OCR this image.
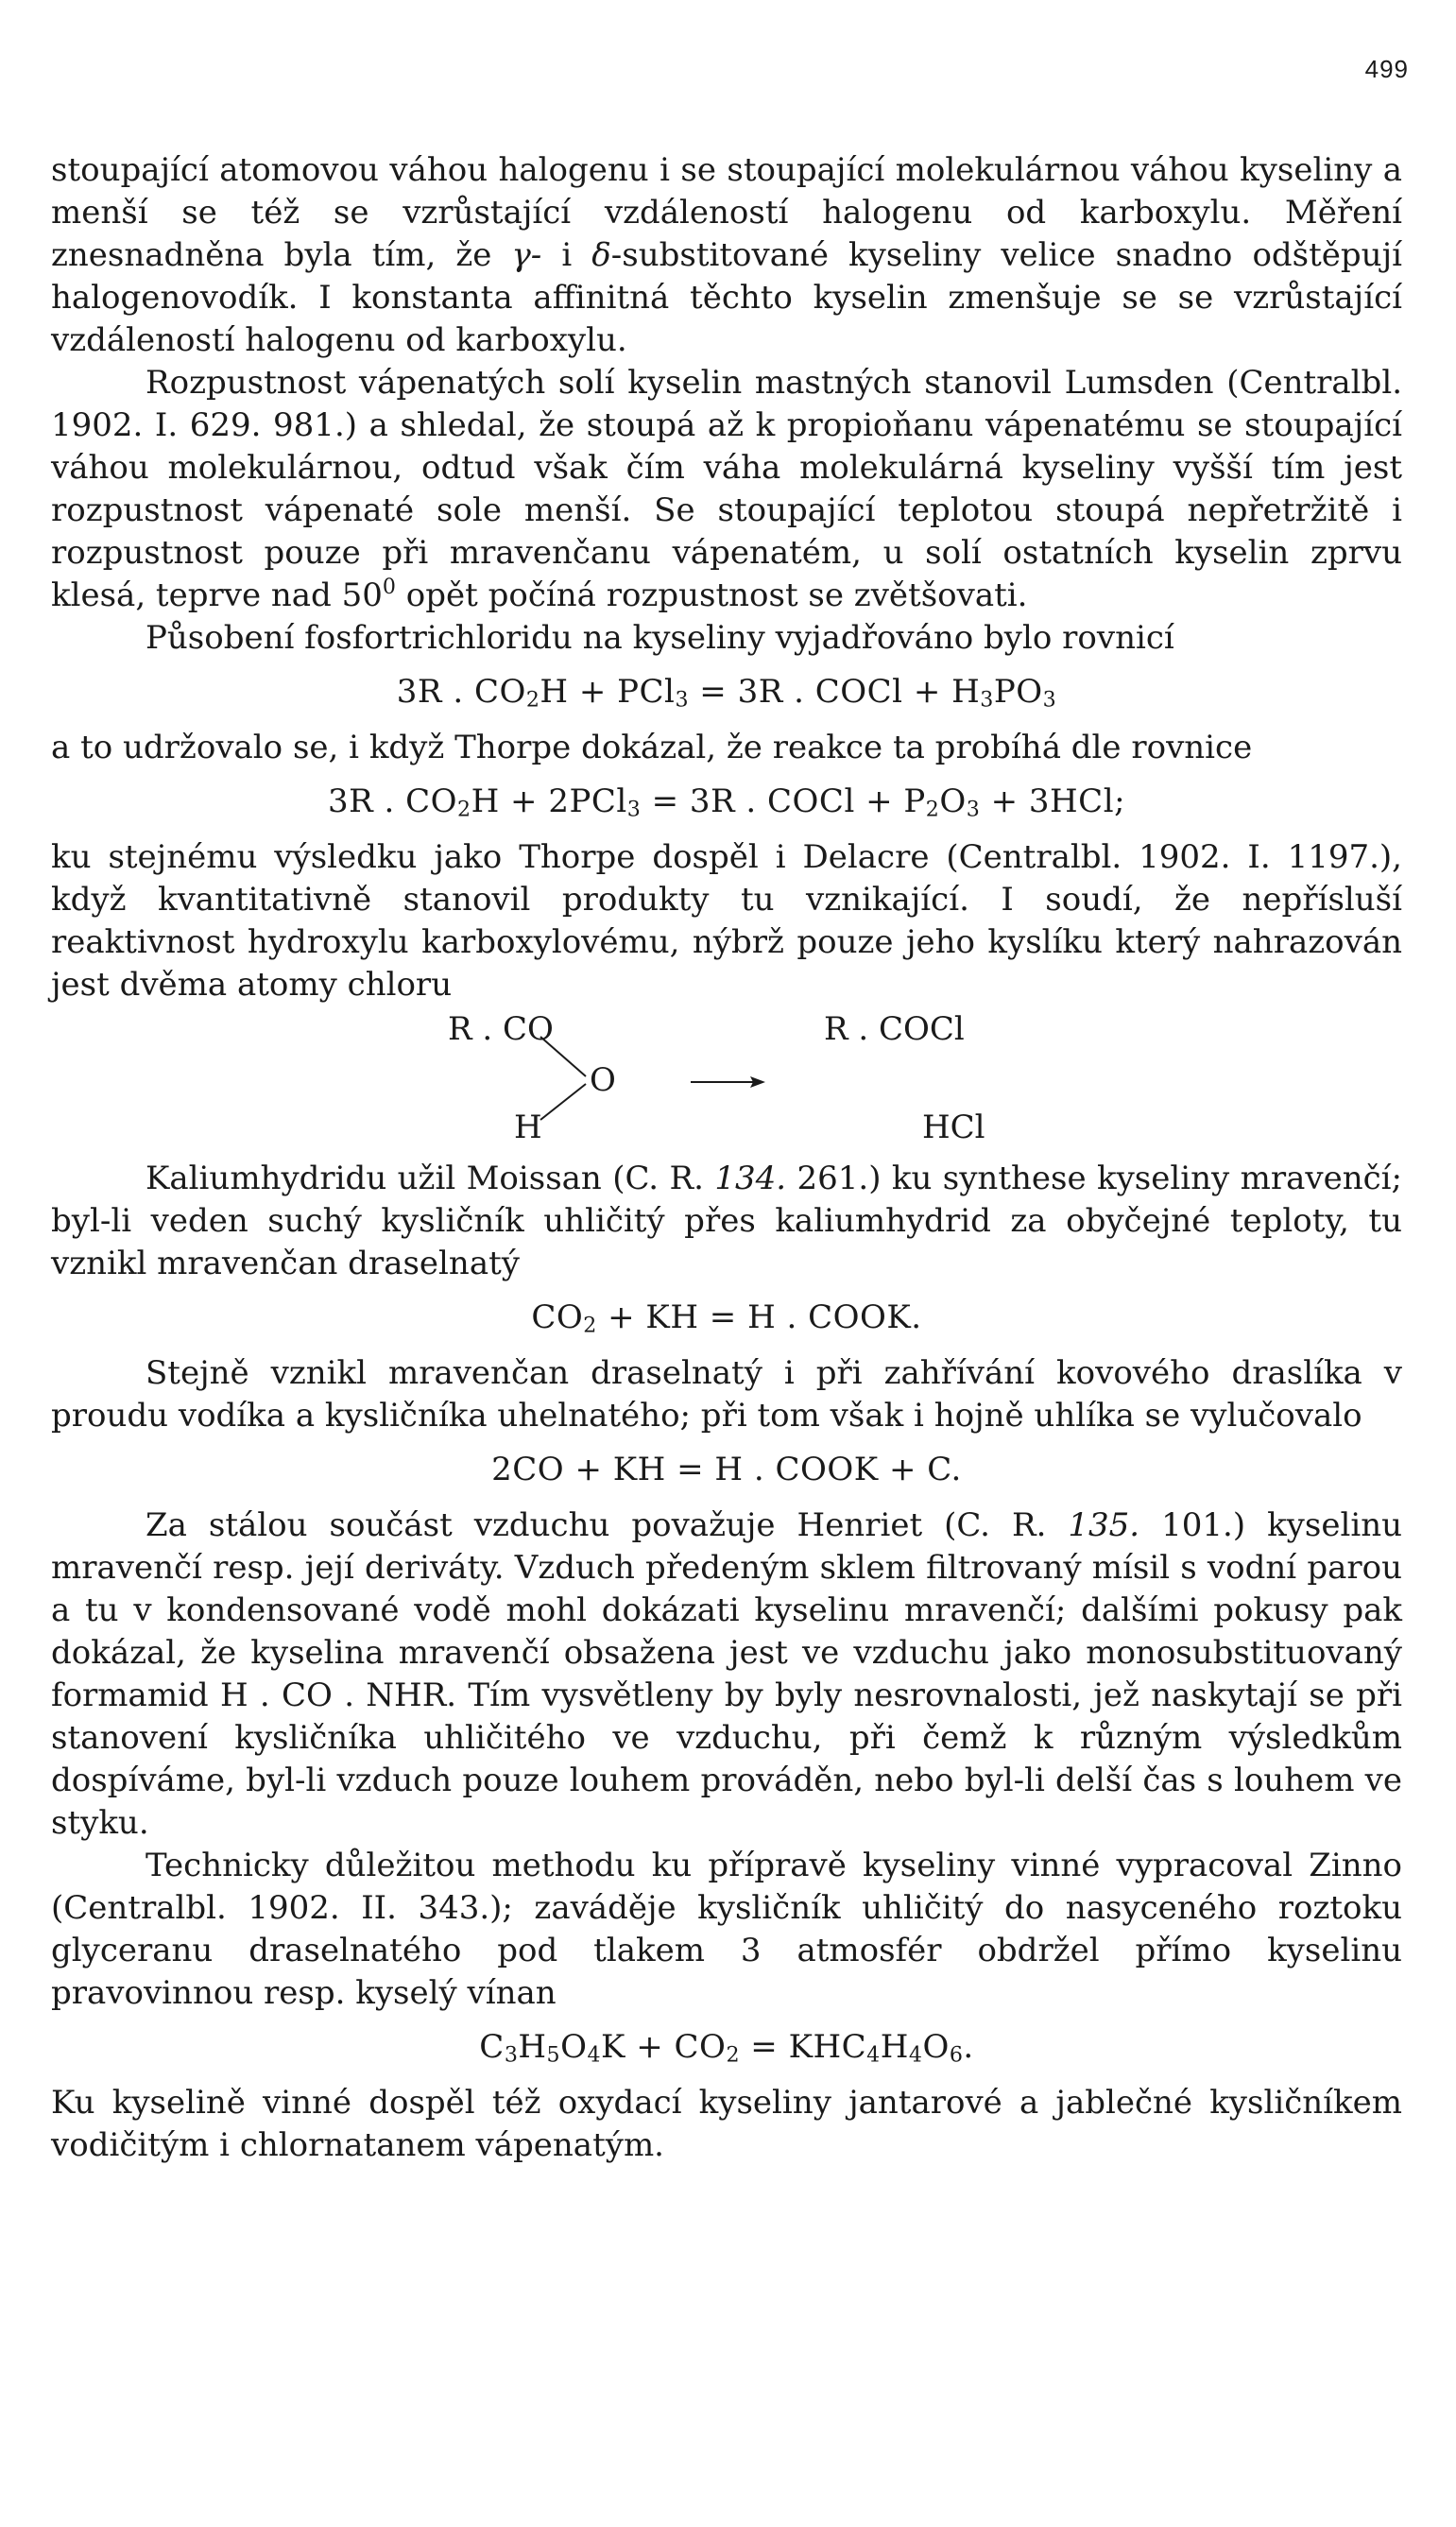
499

stoupající atomovou váhou halogenu i se stoupající molekulárnou váhou kyseliny a menší se též se vzrůstající vzdáleností halogenu od karboxylu. Měření znesnadněna byla tím, že γ- i δ-substitované kyseliny velice snadno odštěpují halogenovodík. I konstanta affinitná těchto kyselin zmenšuje se se vzrůstající vzdáleností halogenu od karboxylu.

Rozpustnost vápenatých solí kyselin mastných stanovil Lumsden (Centralbl. 1902. I. 629. 981.) a shledal, že stoupá až k propioňanu vápenatému se stoupající váhou molekulárnou, odtud však čím váha molekulárná kyseliny vyšší tím jest rozpustnost vápenaté sole menší. Se stoupající teplotou stoupá nepřetržitě i rozpustnost pouze při mravenčanu vápenatém, u solí ostatních kyselin zprvu klesá, teprve nad $50^0$ opět počíná rozpustnost se zvětšovati.

Působení fosfortrichloridu na kyseliny vyjadřováno bylo rovnicí

3R . $CO_2H + PCl_3 = 3R$ . COCl + $H_3PO_3$

a to udržovalo se, i když Thorpe dokázal, že reakce ta probíhá dle rovnice

3R . $CO_2H + 2PCl_3 = 3R$ . COCl + $P_2O_3 + 3HCl$;

ku stejnému výsledku jako Thorpe dospěl i Delacre (Centralbl. 1902. I. 1197.), když kvantitativně stanovil produkty tu vznikající. I soudí, že nepřísluší reaktivnost hydroxylu karboxylovému, nýbrž pouze jeho kyslíku který nahrazován jest dvěma atomy chloru

R . CO
O
H
R . COCl
HCl

Kaliumhydridu užil Moissan (C. R. 134. 261.) ku synthese kyseliny mravenčí; byl-li veden suchý kysličník uhličitý přes kaliumhydrid za obyčejné teploty, tu vznikl mravenčan draselnatý

$CO_2$ + KH = H . COOK.

Stejně vznikl mravenčan draselnatý i při zahřívání kovového draslíka v proudu vodíka a kysličníka uhelnatého; při tom však i hojně uhlíka se vylučovalo

2CO + KH = H . COOK + C.

Za stálou součást vzduchu považuje Henriet (C. R. 135. 101.) kyselinu mravenčí resp. její deriváty. Vzduch předeným sklem filtrovaný mísil s vodní parou a tu v kondensované vodě mohl dokázati kyselinu mravenčí; dalšími pokusy pak dokázal, že kyselina mravenčí obsažena jest ve vzduchu jako monosubstituovaný formamid H . CO . NHR. Tím vysvětleny by byly nesrovnalosti, jež naskytají se při stanovení kysličníka uhličitého ve vzduchu, při čemž k různým výsledkům dospíváme, byl-li vzduch pouze louhem prováděn, nebo byl-li delší čas s louhem ve styku.

Technicky důležitou methodu ku přípravě kyseliny vinné vypracoval Zinno (Centralbl. 1902. II. 343.); zaváděje kysličník uhličitý do nasyceného roztoku glyceranu draselnatého pod tlakem 3 atmosfér obdržel přímo kyselinu pravovinnou resp. kyselý vínan

$C_3H_5O_4K + CO_2 = KHC_4H_4O_6$.

Ku kyselině vinné dospěl též oxydací kyseliny jantarové a jablečné kysličníkem vodičitým i chlornatanem vápenatým.
